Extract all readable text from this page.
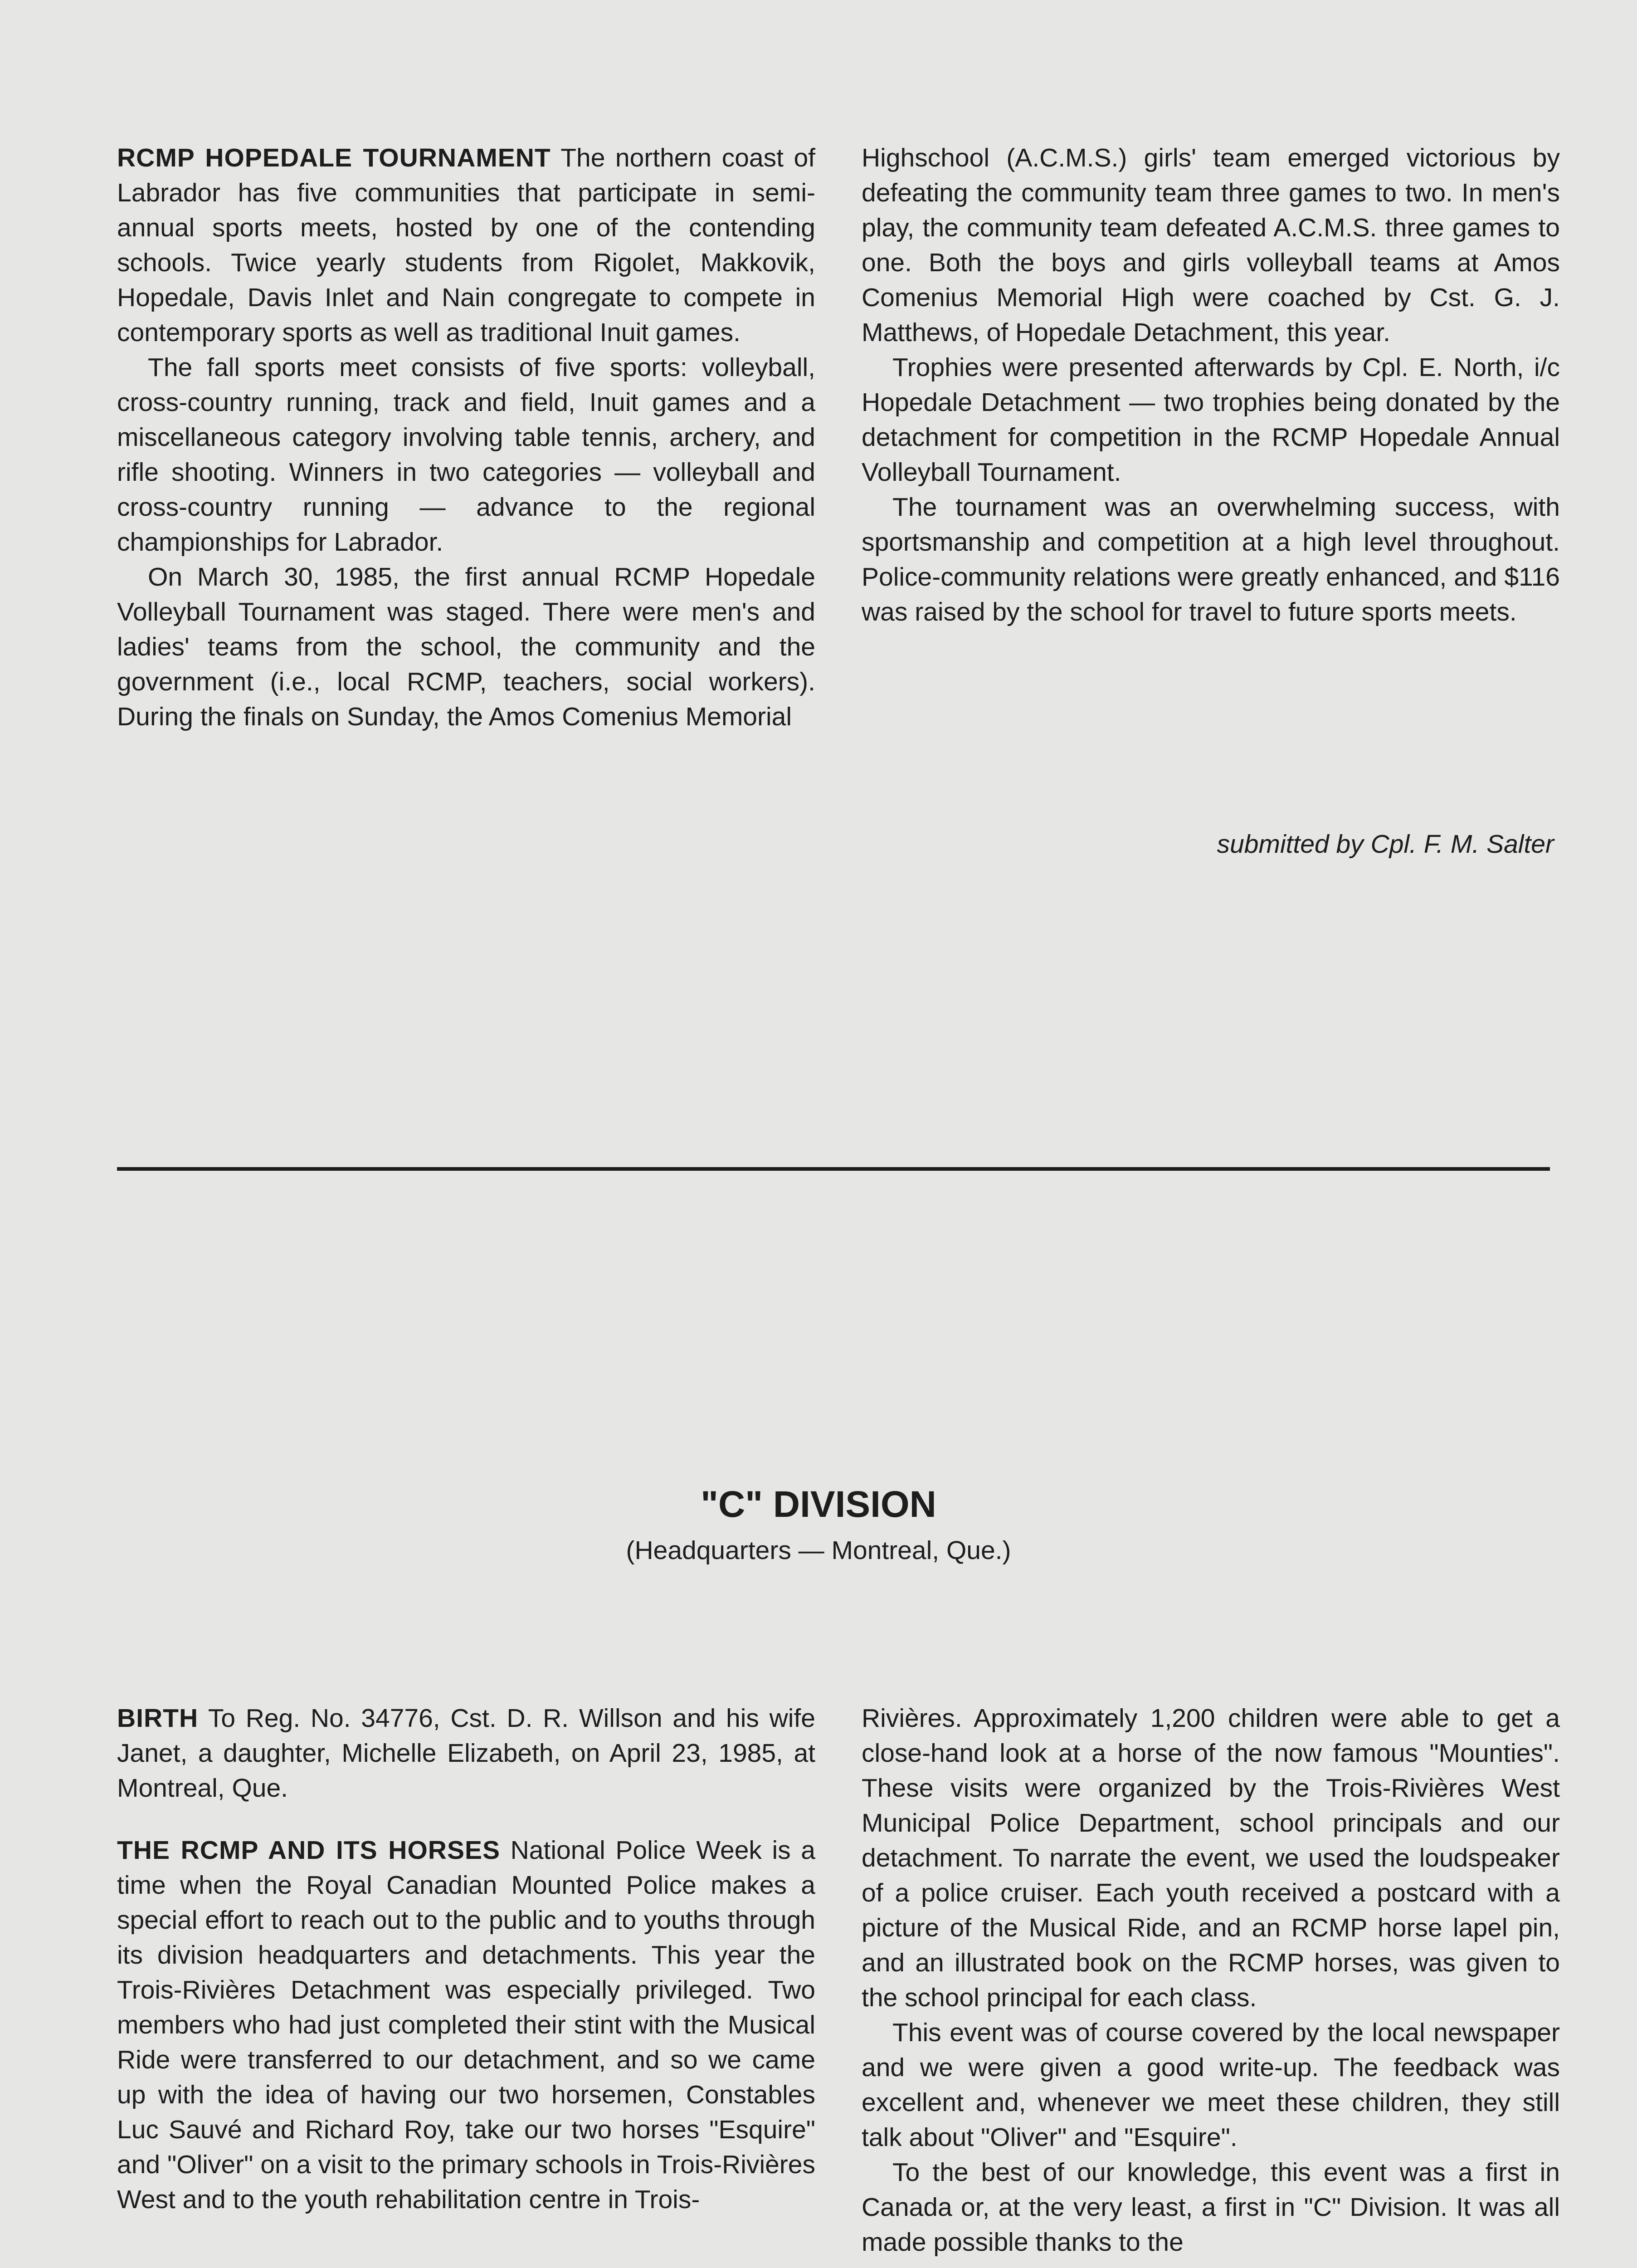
RCMP HOPEDALE TOURNAMENT The northern coast of Labrador has five communities that participate in semi-annual sports meets, hosted by one of the contending schools. Twice yearly students from Rigolet, Makkovik, Hopedale, Davis Inlet and Nain congregate to compete in contemporary sports as well as traditional Inuit games.

The fall sports meet consists of five sports: volleyball, cross-country running, track and field, Inuit games and a miscellaneous category involving table tennis, archery, and rifle shooting. Winners in two categories — volleyball and cross-country running — advance to the regional championships for Labrador.

On March 30, 1985, the first annual RCMP Hopedale Volleyball Tournament was staged. There were men's and ladies' teams from the school, the community and the government (i.e., local RCMP, teachers, social workers). During the finals on Sunday, the Amos Comenius Memorial

Highschool (A.C.M.S.) girls' team emerged victorious by defeating the community team three games to two. In men's play, the community team defeated A.C.M.S. three games to one. Both the boys and girls volleyball teams at Amos Comenius Memorial High were coached by Cst. G. J. Matthews, of Hopedale Detachment, this year.

Trophies were presented afterwards by Cpl. E. North, i/c Hopedale Detachment — two trophies being donated by the detachment for competition in the RCMP Hopedale Annual Volleyball Tournament.

The tournament was an overwhelming success, with sportsmanship and competition at a high level throughout. Police-community relations were greatly enhanced, and $116 was raised by the school for travel to future sports meets.

submitted by Cpl. F. M. Salter
"C" DIVISION
(Headquarters — Montreal, Que.)

BIRTH To Reg. No. 34776, Cst. D. R. Willson and his wife Janet, a daughter, Michelle Elizabeth, on April 23, 1985, at Montreal, Que.

THE RCMP AND ITS HORSES National Police Week is a time when the Royal Canadian Mounted Police makes a special effort to reach out to the public and to youths through its division headquarters and detachments. This year the Trois-Rivières Detachment was especially privileged. Two members who had just completed their stint with the Musical Ride were transferred to our detachment, and so we came up with the idea of having our two horsemen, Constables Luc Sauvé and Richard Roy, take our two horses "Esquire" and "Oliver" on a visit to the primary schools in Trois-Rivières West and to the youth rehabilitation centre in Trois-

Rivières. Approximately 1,200 children were able to get a close-hand look at a horse of the now famous "Mounties". These visits were organized by the Trois-Rivières West Municipal Police Department, school principals and our detachment. To narrate the event, we used the loudspeaker of a police cruiser. Each youth received a postcard with a picture of the Musical Ride, and an RCMP horse lapel pin, and an illustrated book on the RCMP horses, was given to the school principal for each class.

This event was of course covered by the local newspaper and we were given a good write-up. The feedback was excellent and, whenever we meet these children, they still talk about "Oliver" and "Esquire".

To the best of our knowledge, this event was a first in Canada or, at the very least, a first in "C" Division. It was all made possible thanks to the
